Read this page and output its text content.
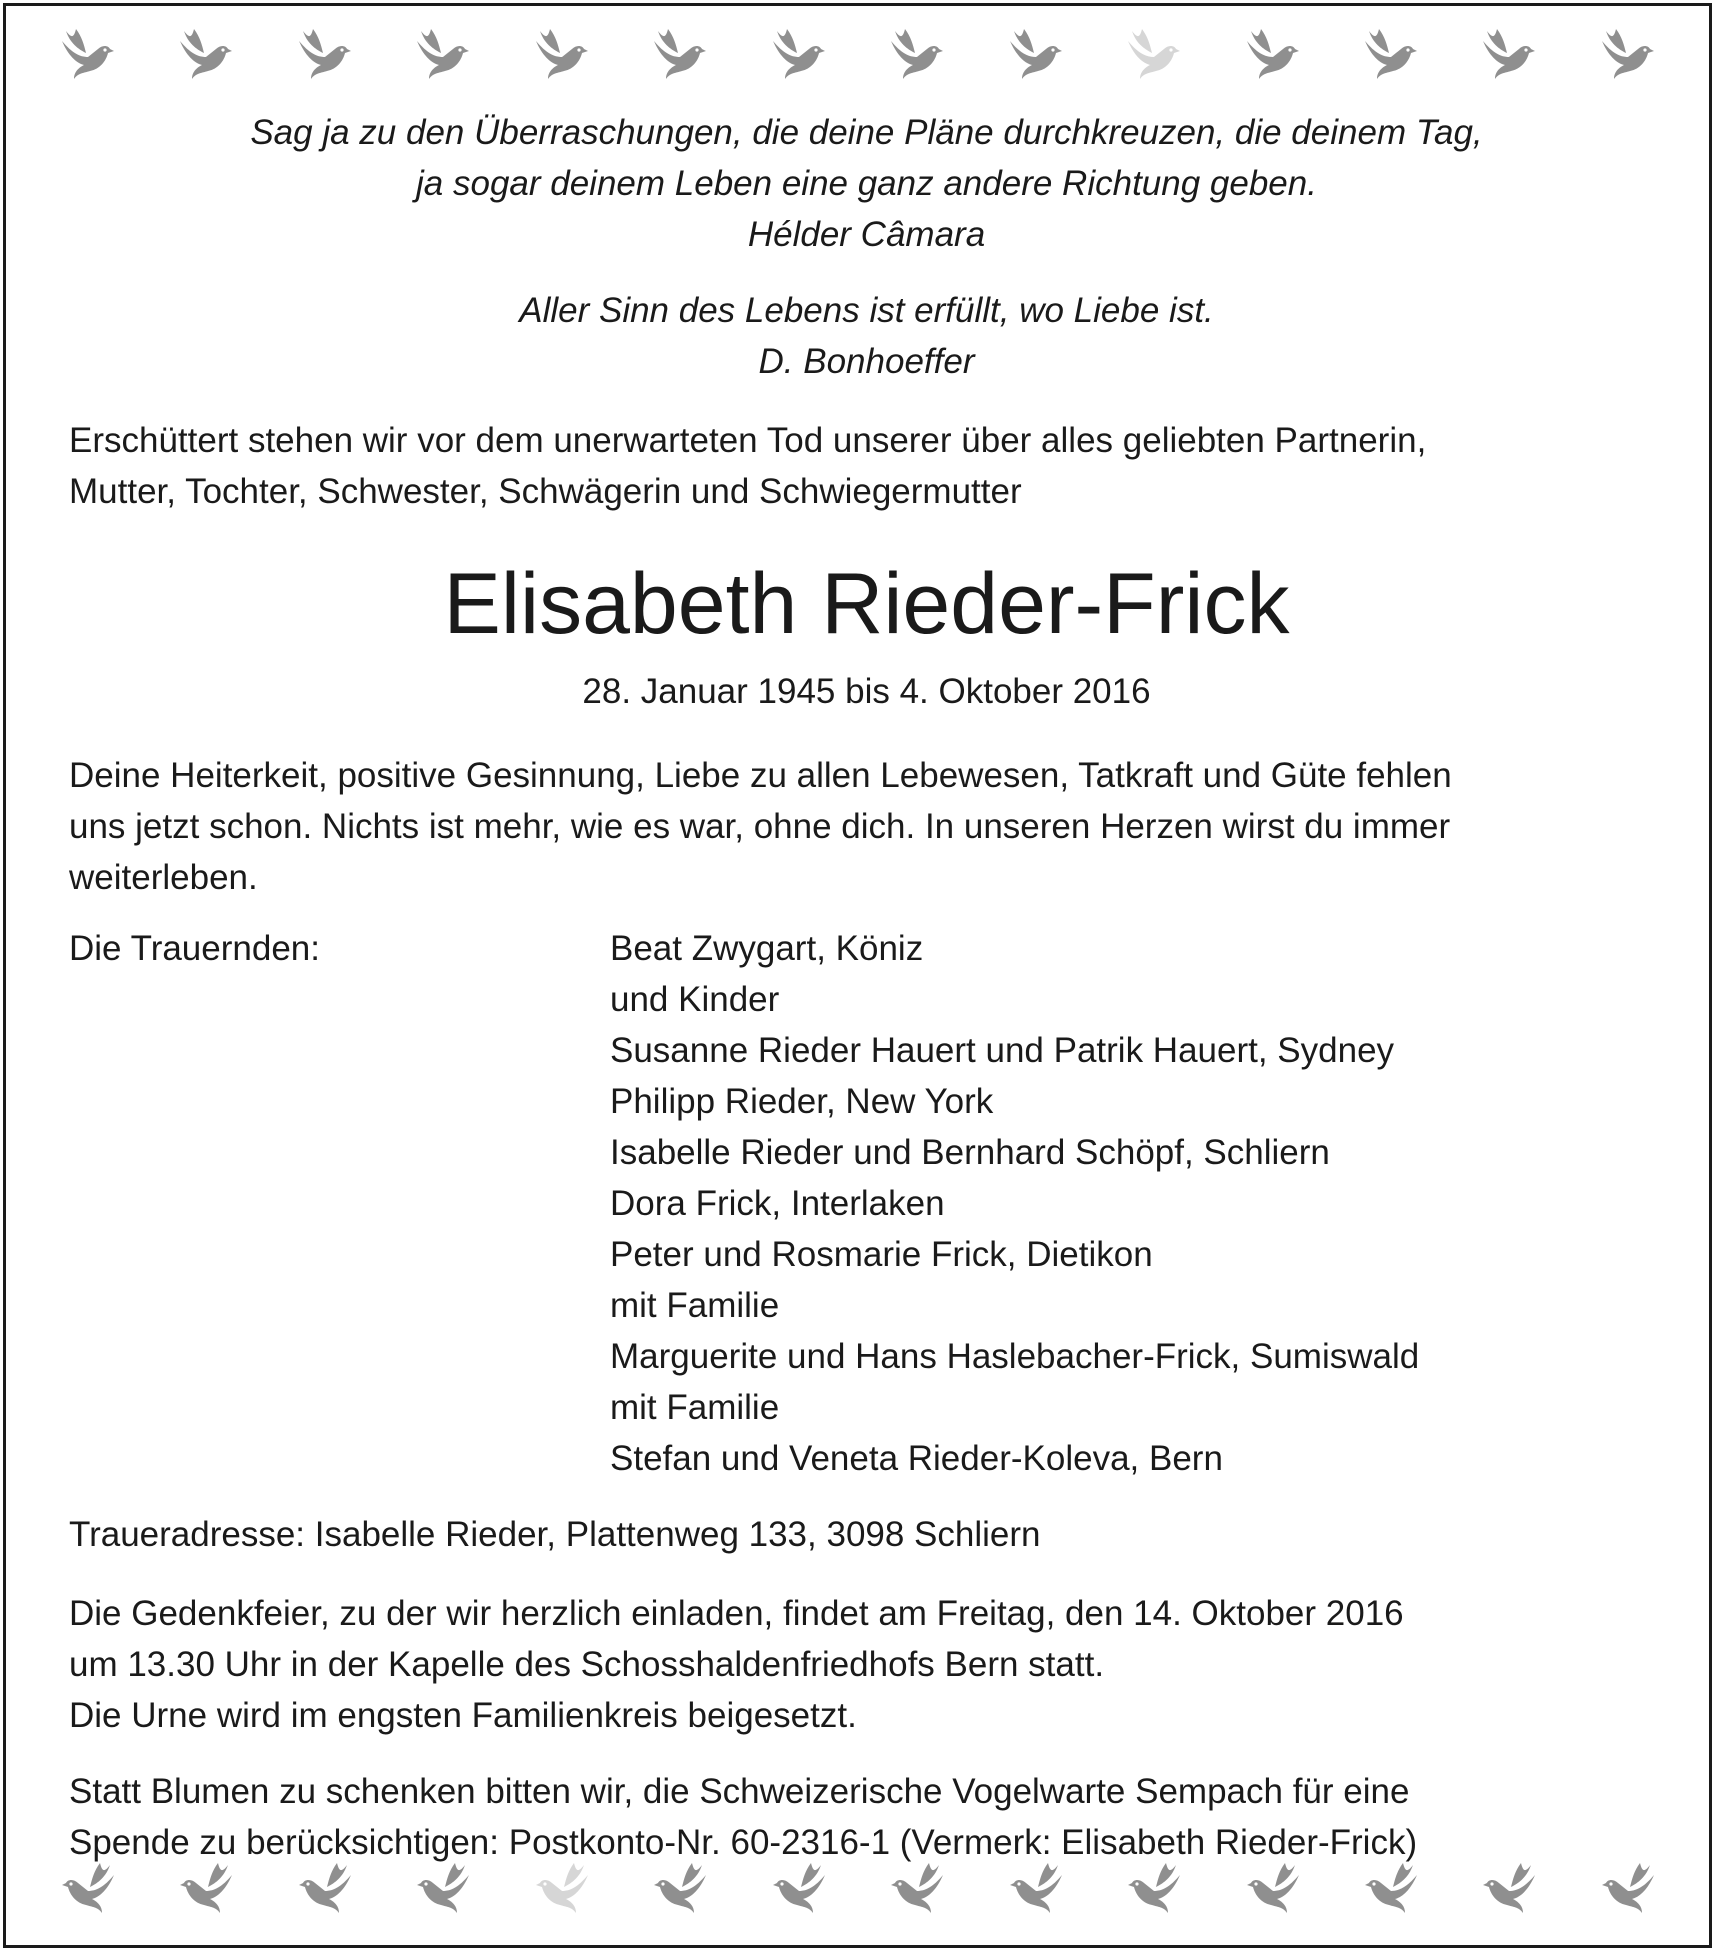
Sag ja zu den Überraschungen, die deine Pläne durchkreuzen, die deinem Tag,
ja sogar deinem Leben eine ganz andere Richtung geben.
Hélder Câmara
Aller Sinn des Lebens ist erfüllt, wo Liebe ist.
D. Bonhoeffer
Erschüttert stehen wir vor dem unerwarteten Tod unserer über alles geliebten Partnerin,
Mutter, Tochter, Schwester, Schwägerin und Schwiegermutter
Elisabeth Rieder-Frick
28. Januar 1945 bis 4. Oktober 2016
Deine Heiterkeit, positive Gesinnung, Liebe zu allen Lebewesen, Tatkraft und Güte fehlen
uns jetzt schon. Nichts ist mehr, wie es war, ohne dich. In unseren Herzen wirst du immer
weiterleben.
Die Trauernden:	Beat Zwygart, Köniz
und Kinder
Susanne Rieder Hauert und Patrik Hauert, Sydney
Philipp Rieder, New York
Isabelle Rieder und Bernhard Schöpf, Schliern
Dora Frick, Interlaken
Peter und Rosmarie Frick, Dietikon
mit Familie
Marguerite und Hans Haslebacher-Frick, Sumiswald
mit Familie
Stefan und Veneta Rieder-Koleva, Bern
Traueradresse: Isabelle Rieder, Plattenweg 133, 3098 Schliern
Die Gedenkfeier, zu der wir herzlich einladen, findet am Freitag, den 14. Oktober 2016
um 13.30 Uhr in der Kapelle des Schosshaldenfriedhofs Bern statt.
Die Urne wird im engsten Familienkreis beigesetzt.
Statt Blumen zu schenken bitten wir, die Schweizerische Vogelwarte Sempach für eine
Spende zu berücksichtigen: Postkonto-Nr. 60-2316-1 (Vermerk: Elisabeth Rieder-Frick)
